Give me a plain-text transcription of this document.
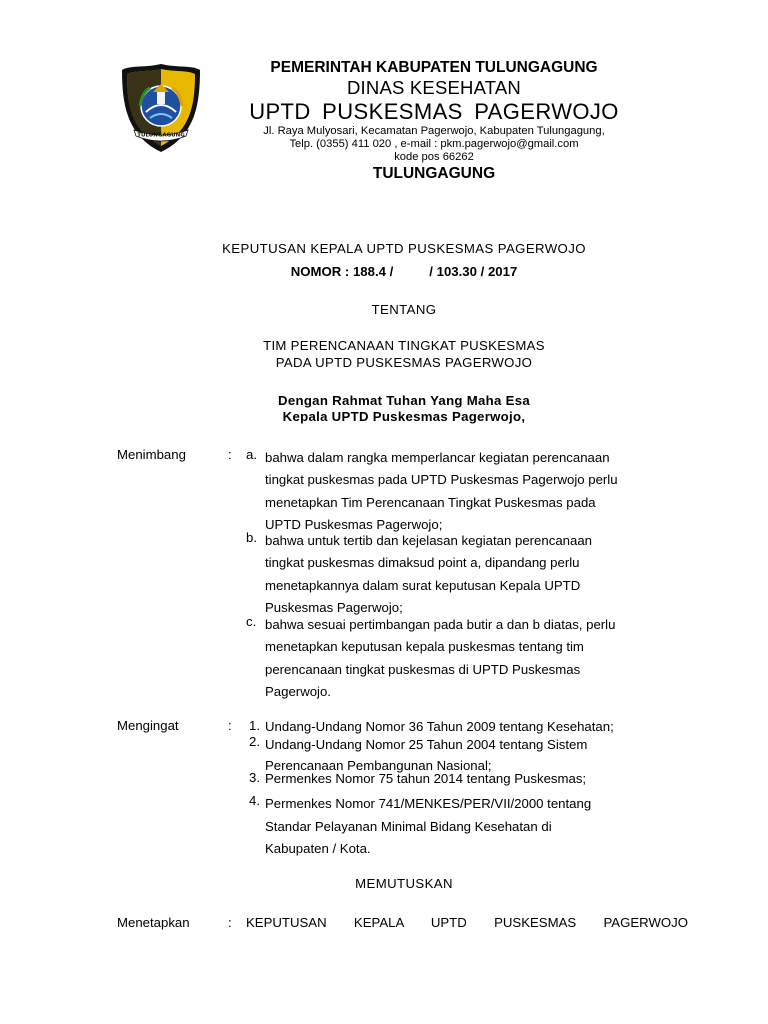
TULUNGAGUNG
PEMERINTAH KABUPATEN TULUNGAGUNG
DINAS KESEHATAN
UPTD PUSKESMAS PAGERWOJO
Jl. Raya Mulyosari, Kecamatan Pagerwojo, Kabupaten Tulungagung,
Telp. (0355) 411 020 , e-mail : pkm.pagerwojo@gmail.com
kode pos 66262
TULUNGAGUNG
KEPUTUSAN KEPALA UPTD PUSKESMAS PAGERWOJO
NOMOR : 188.4 /	/ 103.30 / 2017
TENTANG
TIM PERENCANAAN TINGKAT PUSKESMAS
PADA UPTD PUSKESMAS PAGERWOJO
Dengan Rahmat Tuhan Yang Maha Esa
Kepala UPTD Puskesmas Pagerwojo,
Menimbang	: a. bahwa dalam rangka memperlancar kegiatan perencanaan
tingkat puskesmas pada UPTD Puskesmas Pagerwojo perlu
menetapkan Tim Perencanaan Tingkat Puskesmas pada
UPTD Puskesmas Pagerwojo;
b. bahwa untuk tertib dan kejelasan kegiatan perencanaan
tingkat puskesmas dimaksud point a, dipandang perlu
menetapkannya dalam surat keputusan Kepala UPTD
Puskesmas Pagerwojo;
c. bahwa sesuai pertimbangan pada butir a dan b diatas, perlu
menetapkan keputusan kepala puskesmas tentang tim
perencanaan tingkat puskesmas di UPTD Puskesmas
Pagerwojo.
Mengingat	: 1. Undang-Undang Nomor 36 Tahun 2009 tentang Kesehatan;
2. Undang-Undang Nomor 25 Tahun 2004 tentang Sistem
Perencanaan Pembangunan Nasional;
3. Permenkes Nomor 75 tahun 2014 tentang Puskesmas;
4. Permenkes Nomor 741/MENKES/PER/VII/2000 tentang
Standar Pelayanan Minimal Bidang Kesehatan di
Kabupaten / Kota.
MEMUTUSKAN
Menetapkan	: KEPUTUSAN KEPALA UPTD PUSKESMAS PAGERWOJO
